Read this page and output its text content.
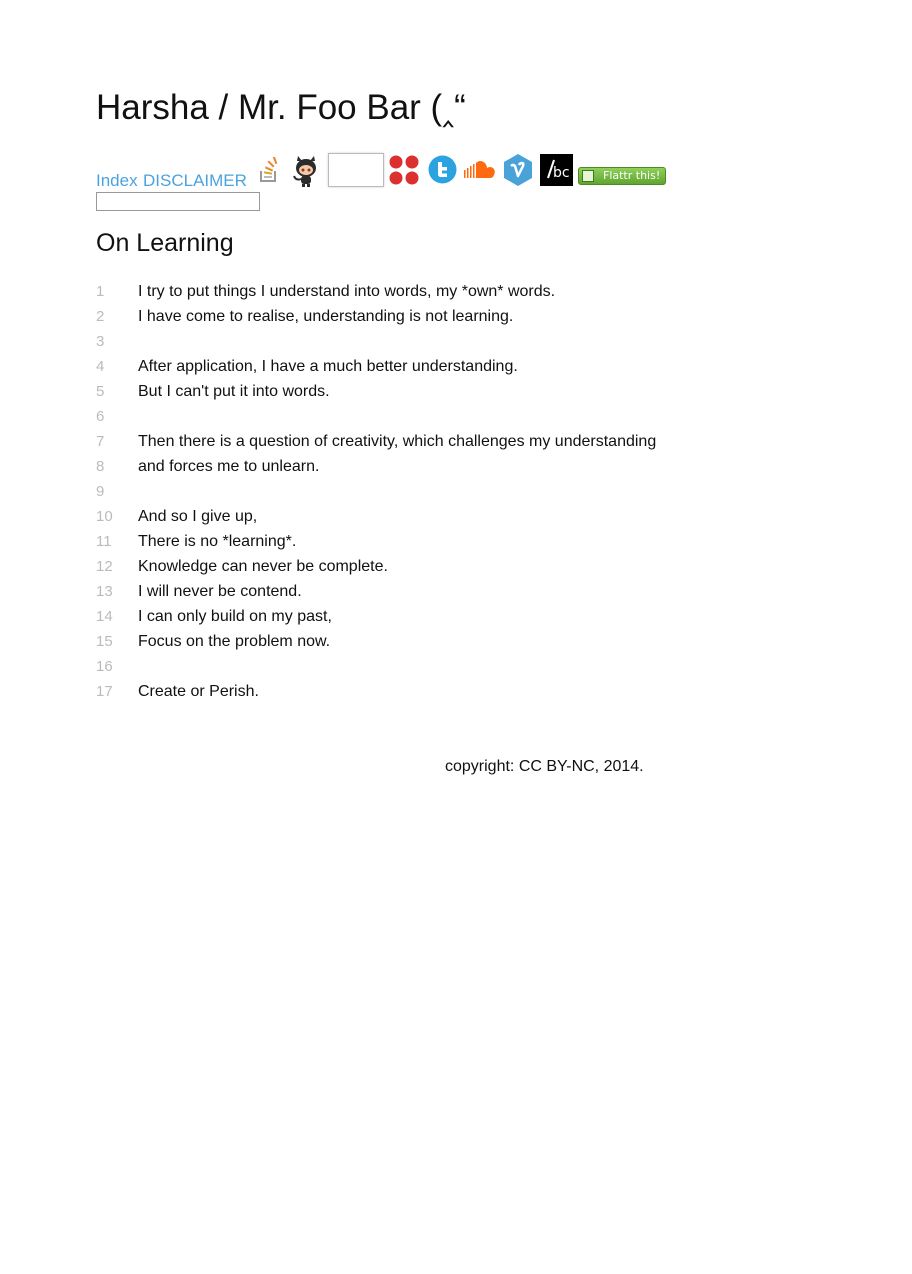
Harsha / Mr. Foo Bar (‸“
Index DISCLAIMER	bc	Flattr this!
On Learning
1	I try to put things I understand into words, my *own* words.
2	I have come to realise, understanding is not learning.
3
4	After application, I have a much better understanding.
5	But I can't put it into words.
6
7	Then there is a question of creativity, which challenges my understanding
8	and forces me to unlearn.
9
10	And so I give up,
11	There is no *learning*.
12	Knowledge can never be complete.
13	I will never be contend.
14	I can only build on my past,
15	Focus on the problem now.
16
17	Create or Perish.
copyright: CC BY-NC, 2014.
